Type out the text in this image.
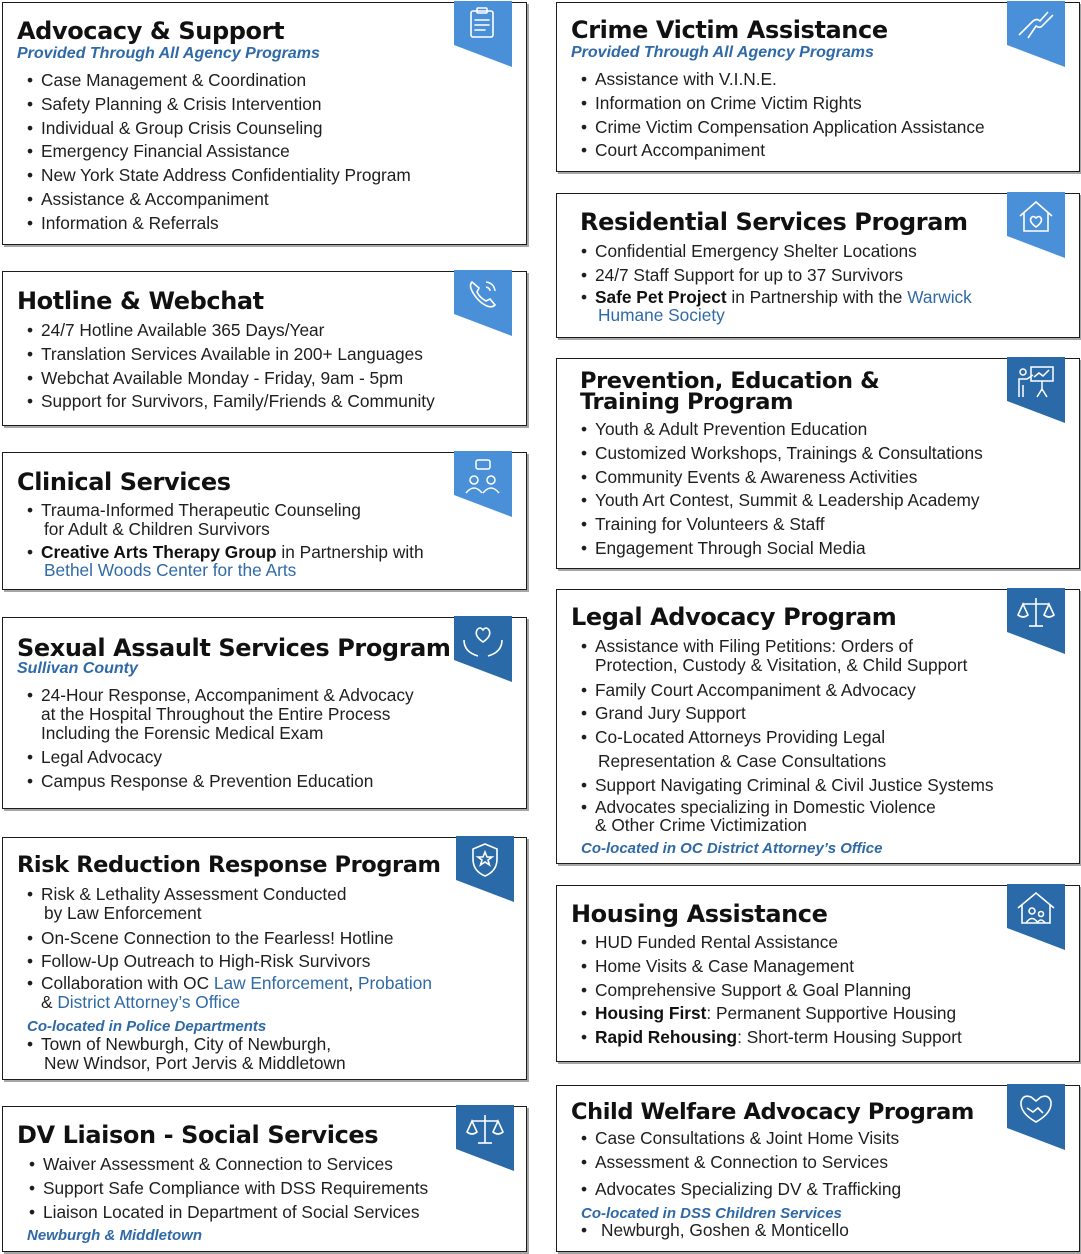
Advocacy & Support
Provided Through All Agency Programs
• Case Management & Coordination
• Safety Planning & Crisis Intervention
• Individual & Group Crisis Counseling
• Emergency Financial Assistance
• New York State Address Confidentiality Program
• Assistance & Accompaniment
• Information & Referrals
Hotline & Webchat
• 24/7 Hotline Available 365 Days/Year
• Translation Services Available in 200+ Languages
• Webchat Available Monday - Friday, 9am - 5pm
• Support for Survivors, Family/Friends & Community
Clinical Services
• Trauma-Informed Therapeutic Counseling
for Adult & Children Survivors
• Creative Arts Therapy Group in Partnership with
Bethel Woods Center for the Arts
Sexual Assault Services Program
Sullivan County
• 24-Hour Response, Accompaniment & Advocacy
at the Hospital Throughout the Entire Process
Including the Forensic Medical Exam
• Legal Advocacy
• Campus Response & Prevention Education
Risk Reduction Response Program
• Risk & Lethality Assessment Conducted
by Law Enforcement
• On-Scene Connection to the Fearless! Hotline
• Follow-Up Outreach to High-Risk Survivors
• Collaboration with OC Law Enforcement, Probation
& District Attorney’s Office
Co-located in Police Departments
• Town of Newburgh, City of Newburgh,
New Windsor, Port Jervis & Middletown
DV Liaison - Social Services
• Waiver Assessment & Connection to Services
• Support Safe Compliance with DSS Requirements
• Liaison Located in Department of Social Services
Newburgh & Middletown
Crime Victim Assistance
Provided Through All Agency Programs
• Assistance with V.I.N.E.
• Information on Crime Victim Rights
• Crime Victim Compensation Application Assistance
• Court Accompaniment
Residential Services Program
• Confidential Emergency Shelter Locations
• 24/7 Staff Support for up to 37 Survivors
• Safe Pet Project in Partnership with the Warwick
Humane Society
Prevention, Education &
Training Program
• Youth & Adult Prevention Education
• Customized Workshops, Trainings & Consultations
• Community Events & Awareness Activities
• Youth Art Contest, Summit & Leadership Academy
• Training for Volunteers & Staff
• Engagement Through Social Media
Legal Advocacy Program
• Assistance with Filing Petitions: Orders of
Protection, Custody & Visitation, & Child Support
• Family Court Accompaniment & Advocacy
• Grand Jury Support
• Co-Located Attorneys Providing Legal
Representation & Case Consultations
• Support Navigating Criminal & Civil Justice Systems
• Advocates specializing in Domestic Violence
& Other Crime Victimization
Co-located in OC District Attorney’s Office
Housing Assistance
• HUD Funded Rental Assistance
• Home Visits & Case Management
• Comprehensive Support & Goal Planning
• Housing First: Permanent Supportive Housing
• Rapid Rehousing: Short-term Housing Support
Child Welfare Advocacy Program
• Case Consultations & Joint Home Visits
• Assessment & Connection to Services
• Advocates Specializing DV & Trafficking
Co-located in DSS Children Services
• Newburgh, Goshen & Monticello
